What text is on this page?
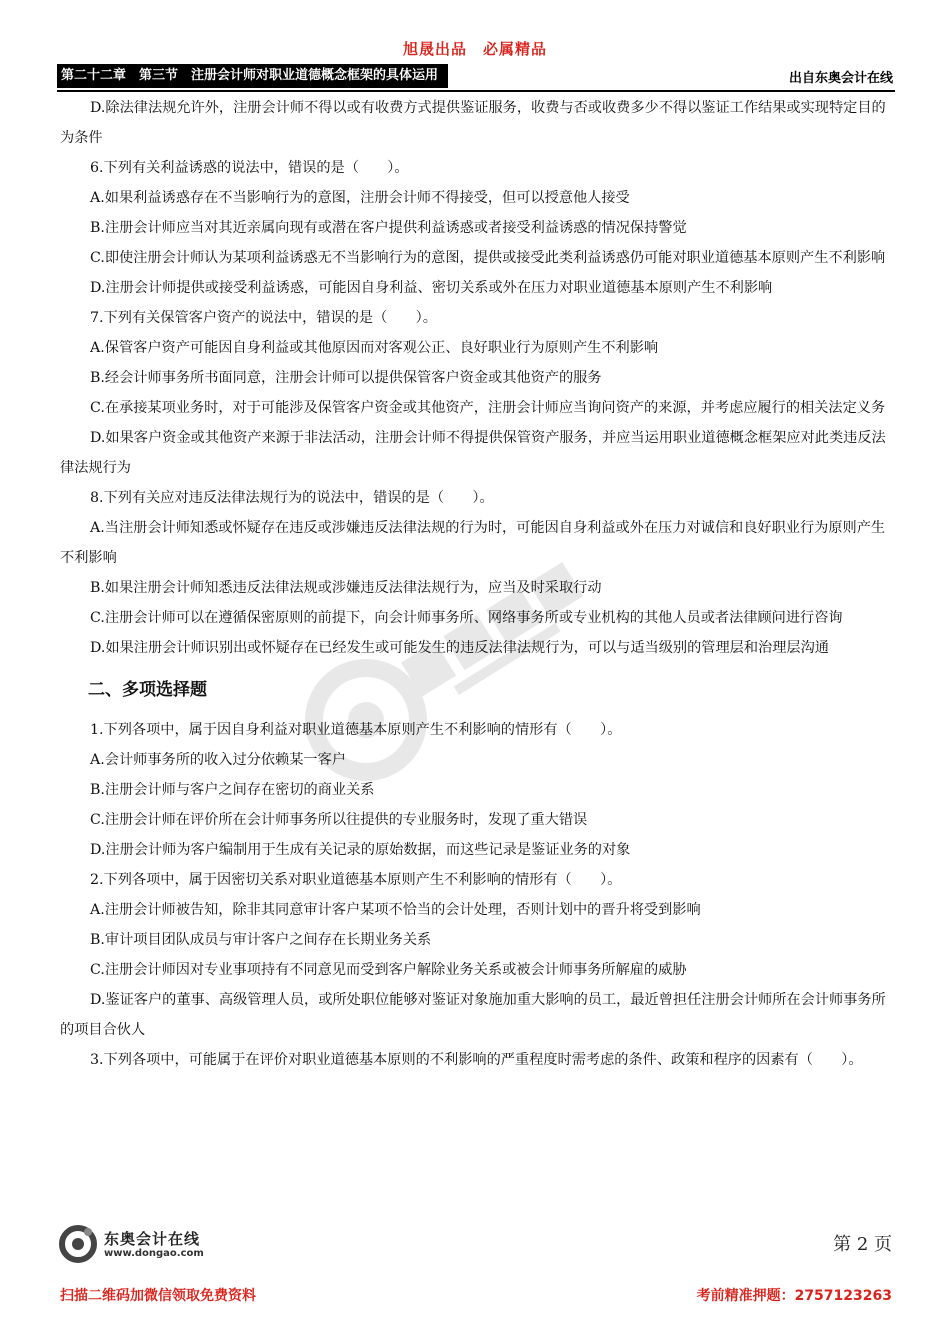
旭晟出品　必属精品
第二十二章　第三节　注册会计师对职业道德概念框架的具体运用	出自东奥会计在线

D.除法律法规允许外，注册会计师不得以或有收费方式提供鉴证服务，收费与否或收费多少不得以鉴证工作结果或实现特定目的为条件

6.下列有关利益诱惑的说法中，错误的是（　　）。

A.如果利益诱惑存在不当影响行为的意图，注册会计师不得接受，但可以授意他人接受

B.注册会计师应当对其近亲属向现有或潜在客户提供利益诱惑或者接受利益诱惑的情况保持警觉

C.即使注册会计师认为某项利益诱惑无不当影响行为的意图，提供或接受此类利益诱惑仍可能对职业道德基本原则产生不利影响

D.注册会计师提供或接受利益诱惑，可能因自身利益、密切关系或外在压力对职业道德基本原则产生不利影响

7.下列有关保管客户资产的说法中，错误的是（　　）。

A.保管客户资产可能因自身利益或其他原因而对客观公正、良好职业行为原则产生不利影响

B.经会计师事务所书面同意，注册会计师可以提供保管客户资金或其他资产的服务

C.在承接某项业务时，对于可能涉及保管客户资金或其他资产，注册会计师应当询问资产的来源，并考虑应履行的相关法定义务

D.如果客户资金或其他资产来源于非法活动，注册会计师不得提供保管资产服务，并应当运用职业道德概念框架应对此类违反法律法规行为

8.下列有关应对违反法律法规行为的说法中，错误的是（　　）。

A.当注册会计师知悉或怀疑存在违反或涉嫌违反法律法规的行为时，可能因自身利益或外在压力对诚信和良好职业行为原则产生不利影响

B.如果注册会计师知悉违反法律法规或涉嫌违反法律法规行为，应当及时采取行动

C.注册会计师可以在遵循保密原则的前提下，向会计师事务所、网络事务所或专业机构的其他人员或者法律顾问进行咨询

D.如果注册会计师识别出或怀疑存在已经发生或可能发生的违反法律法规行为，可以与适当级别的管理层和治理层沟通

二、多项选择题

1.下列各项中，属于因自身利益对职业道德基本原则产生不利影响的情形有（　　）。

A.会计师事务所的收入过分依赖某一客户

B.注册会计师与客户之间存在密切的商业关系

C.注册会计师在评价所在会计师事务所以往提供的专业服务时，发现了重大错误

D.注册会计师为客户编制用于生成有关记录的原始数据，而这些记录是鉴证业务的对象

2.下列各项中，属于因密切关系对职业道德基本原则产生不利影响的情形有（　　）。

A.注册会计师被告知，除非其同意审计客户某项不恰当的会计处理，否则计划中的晋升将受到影响

B.审计项目团队成员与审计客户之间存在长期业务关系

C.注册会计师因对专业事项持有不同意见而受到客户解除业务关系或被会计师事务所解雇的威胁

D.鉴证客户的董事、高级管理人员，或所处职位能够对鉴证对象施加重大影响的员工，最近曾担任注册会计师所在会计师事务所的项目合伙人

3.下列各项中，可能属于在评价对职业道德基本原则的不利影响的严重程度时需考虑的条件、政策和程序的因素有（　　）。

东奥会计在线
www.dongao.com	第 2 页
扫描二维码加微信领取免费资料	考前精准押题：2757123263
